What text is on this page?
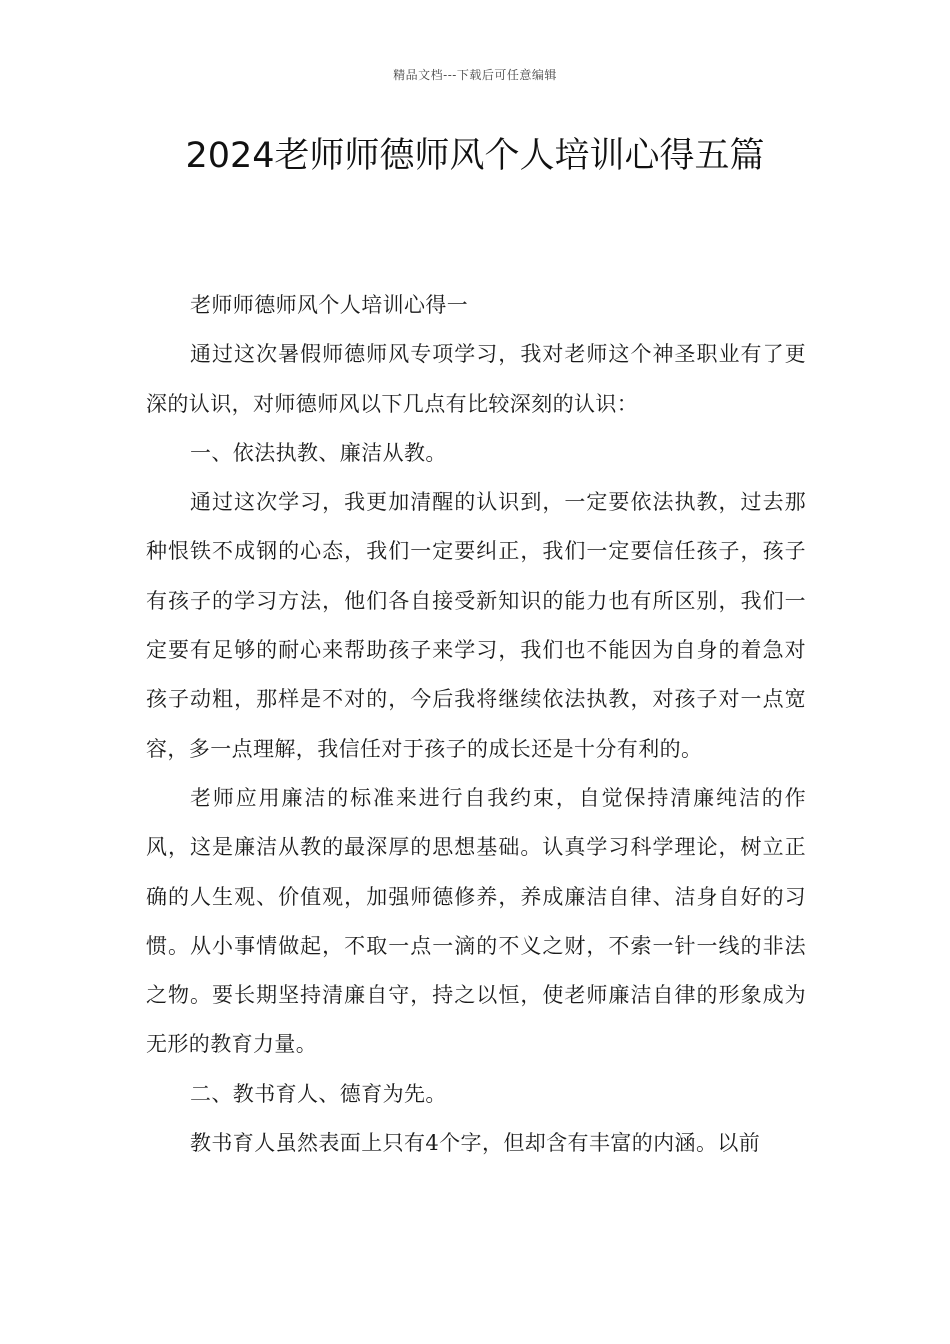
精品文档---下载后可任意编辑
2024老师师德师风个人培训心得五篇

老师师德师风个人培训心得一

通过这次暑假师德师风专项学习，我对老师这个神圣职业有了更深的认识，对师德师风以下几点有比较深刻的认识：

一、依法执教、廉洁从教。

通过这次学习，我更加清醒的认识到，一定要依法执教，过去那种恨铁不成钢的心态，我们一定要纠正，我们一定要信任孩子，孩子有孩子的学习方法，他们各自接受新知识的能力也有所区别，我们一定要有足够的耐心来帮助孩子来学习，我们也不能因为自身的着急对孩子动粗，那样是不对的，今后我将继续依法执教，对孩子对一点宽容，多一点理解，我信任对于孩子的成长还是十分有利的。

老师应用廉洁的标准来进行自我约束，自觉保持清廉纯洁的作风，这是廉洁从教的最深厚的思想基础。认真学习科学理论，树立正确的人生观、价值观，加强师德修养，养成廉洁自律、洁身自好的习惯。从小事情做起，不取一点一滴的不义之财，不索一针一线的非法之物。要长期坚持清廉自守，持之以恒，使老师廉洁自律的形象成为无形的教育力量。

二、教书育人、德育为先。

教书育人虽然表面上只有4个字，但却含有丰富的内涵。以前
